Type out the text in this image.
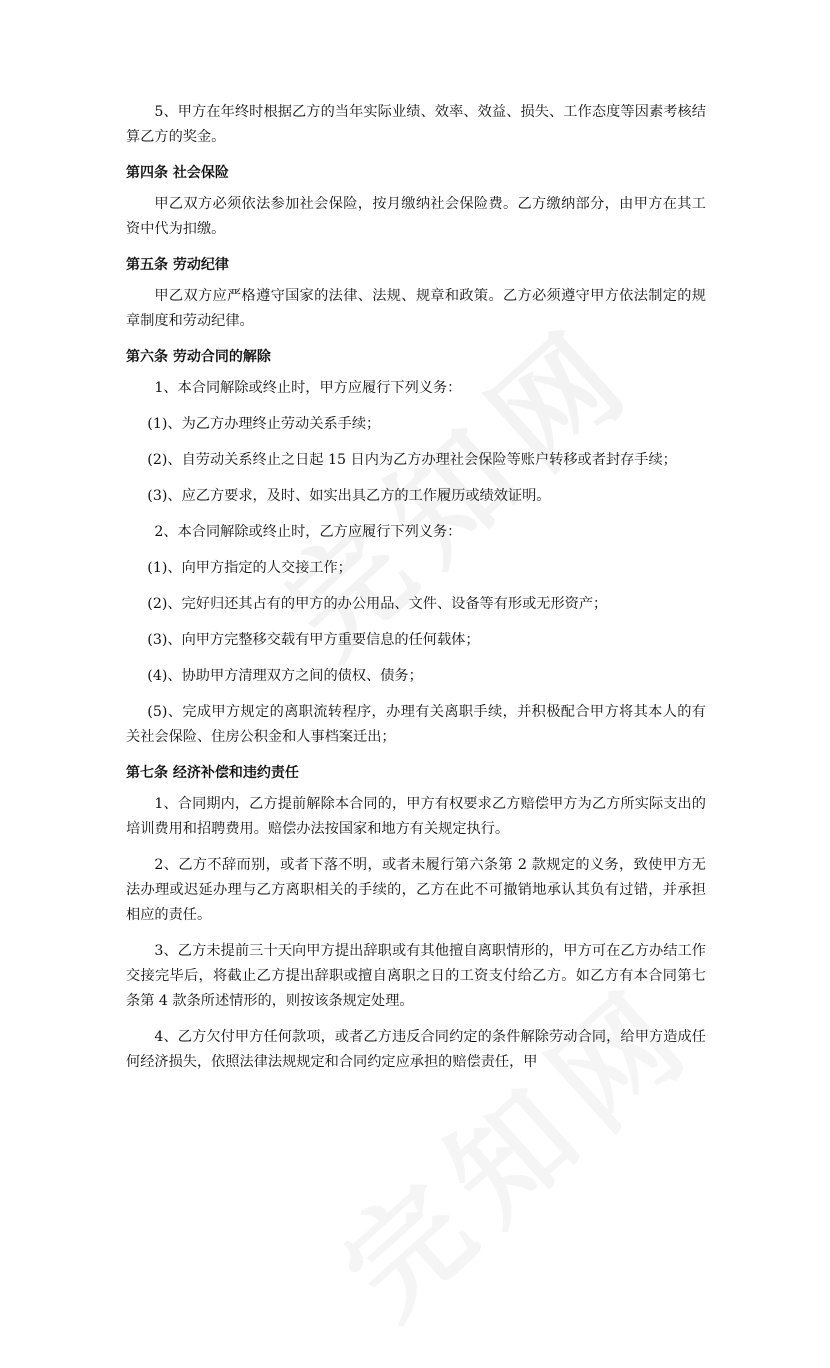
5、甲方在年终时根据乙方的当年实际业绩、效率、效益、损失、工作态度等因素考核结算乙方的奖金。

第四条 社会保险

甲乙双方必须依法参加社会保险，按月缴纳社会保险费。乙方缴纳部分，由甲方在其工资中代为扣缴。

第五条 劳动纪律

甲乙双方应严格遵守国家的法律、法规、规章和政策。乙方必须遵守甲方依法制定的规章制度和劳动纪律。

第六条 劳动合同的解除

1、本合同解除或终止时，甲方应履行下列义务：

(1)、为乙方办理终止劳动关系手续；

(2)、自劳动关系终止之日起 15 日内为乙方办理社会保险等账户转移或者封存手续；

(3)、应乙方要求，及时、如实出具乙方的工作履历或绩效证明。

2、本合同解除或终止时，乙方应履行下列义务：

(1)、向甲方指定的人交接工作；

(2)、完好归还其占有的甲方的办公用品、文件、设备等有形或无形资产；

(3)、向甲方完整移交载有甲方重要信息的任何载体；

(4)、协助甲方清理双方之间的债权、债务；

(5)、完成甲方规定的离职流转程序，办理有关离职手续，并积极配合甲方将其本人的有关社会保险、住房公积金和人事档案迁出；

第七条 经济补偿和违约责任

1、合同期内，乙方提前解除本合同的，甲方有权要求乙方赔偿甲方为乙方所实际支出的培训费用和招聘费用。赔偿办法按国家和地方有关规定执行。

2、乙方不辞而别，或者下落不明，或者未履行第六条第 2 款规定的义务，致使甲方无法办理或迟延办理与乙方离职相关的手续的，乙方在此不可撤销地承认其负有过错，并承担相应的责任。

3、乙方未提前三十天向甲方提出辞职或有其他擅自离职情形的，甲方可在乙方办结工作交接完毕后，将截止乙方提出辞职或擅自离职之日的工资支付给乙方。如乙方有本合同第七条第 4 款条所述情形的，则按该条规定处理。

4、乙方欠付甲方任何款项，或者乙方违反合同约定的条件解除劳动合同，给甲方造成任何经济损失，依照法律法规规定和合同约定应承担的赔偿责任，甲
